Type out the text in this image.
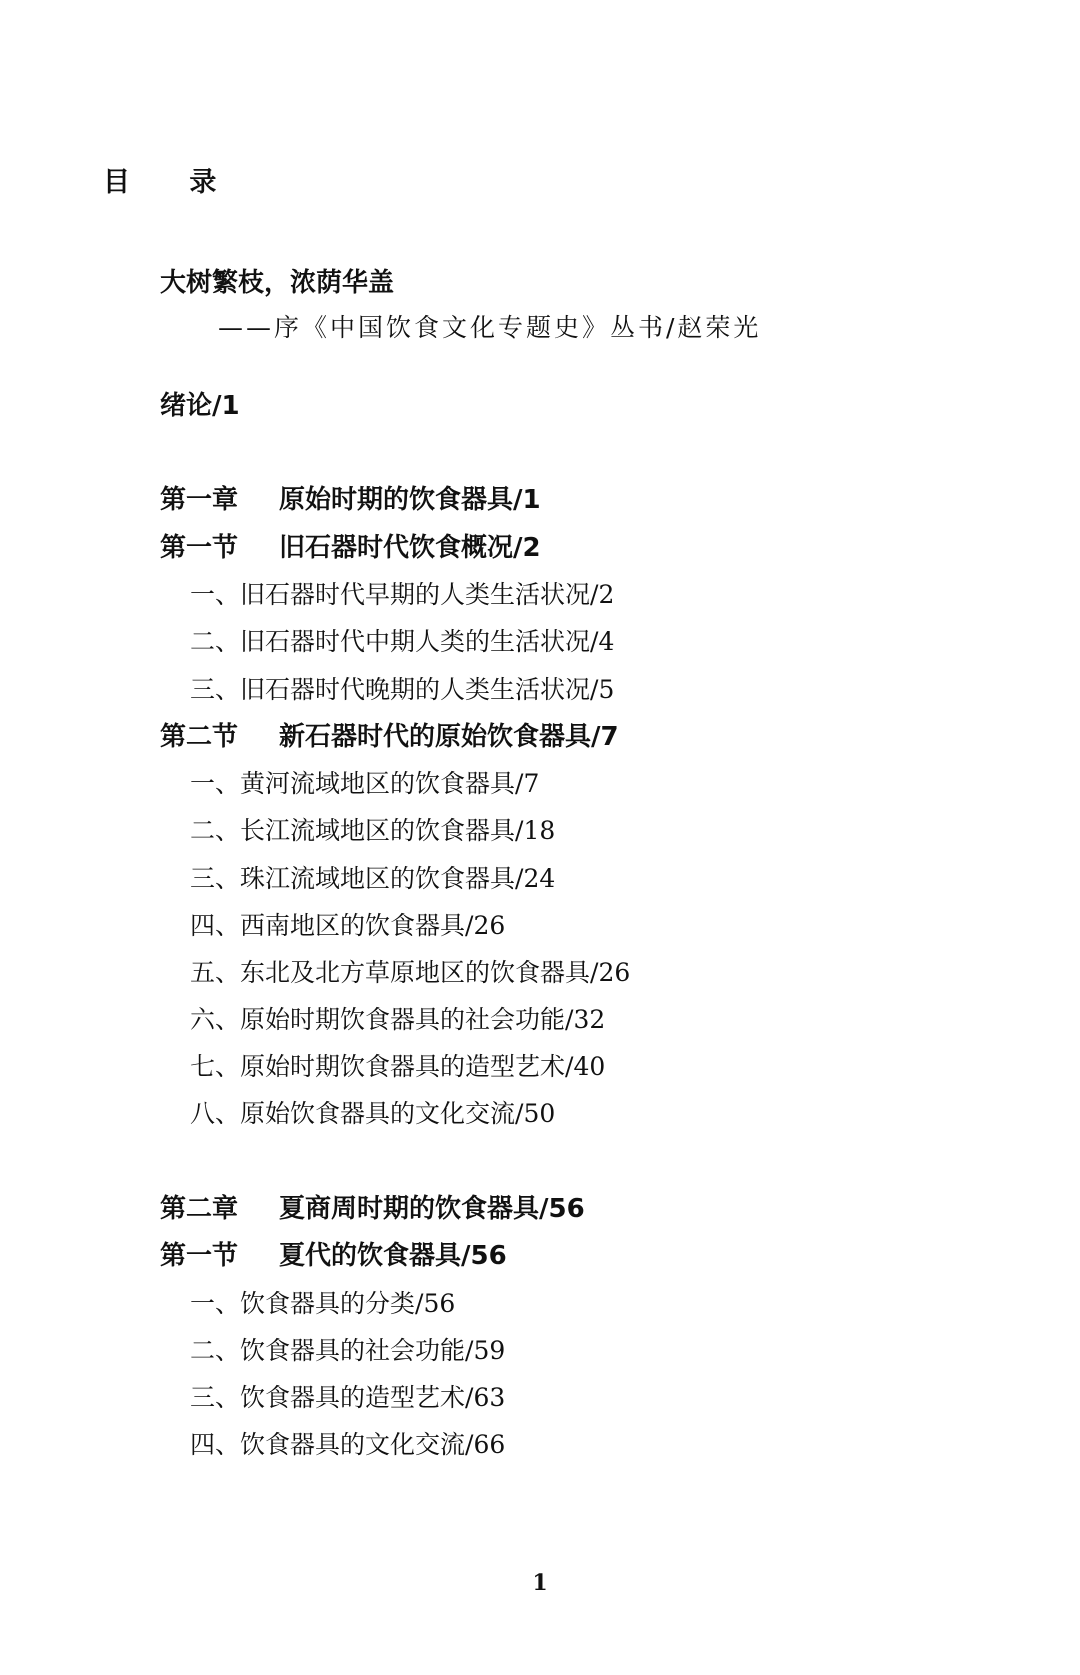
目 录
大树繁枝，浓荫华盖
——序《中国饮食文化专题史》丛书/赵荣光
绪论/1
第一章 原始时期的饮食器具/1
第一节 旧石器时代饮食概况/2
一、旧石器时代早期的人类生活状况/2
二、旧石器时代中期人类的生活状况/4
三、旧石器时代晚期的人类生活状况/5
第二节 新石器时代的原始饮食器具/7
一、黄河流域地区的饮食器具/7
二、长江流域地区的饮食器具/18
三、珠江流域地区的饮食器具/24
四、西南地区的饮食器具/26
五、东北及北方草原地区的饮食器具/26
六、原始时期饮食器具的社会功能/32
七、原始时期饮食器具的造型艺术/40
八、原始饮食器具的文化交流/50
第二章 夏商周时期的饮食器具/56
第一节 夏代的饮食器具/56
一、饮食器具的分类/56
二、饮食器具的社会功能/59
三、饮食器具的造型艺术/63
四、饮食器具的文化交流/66
1
